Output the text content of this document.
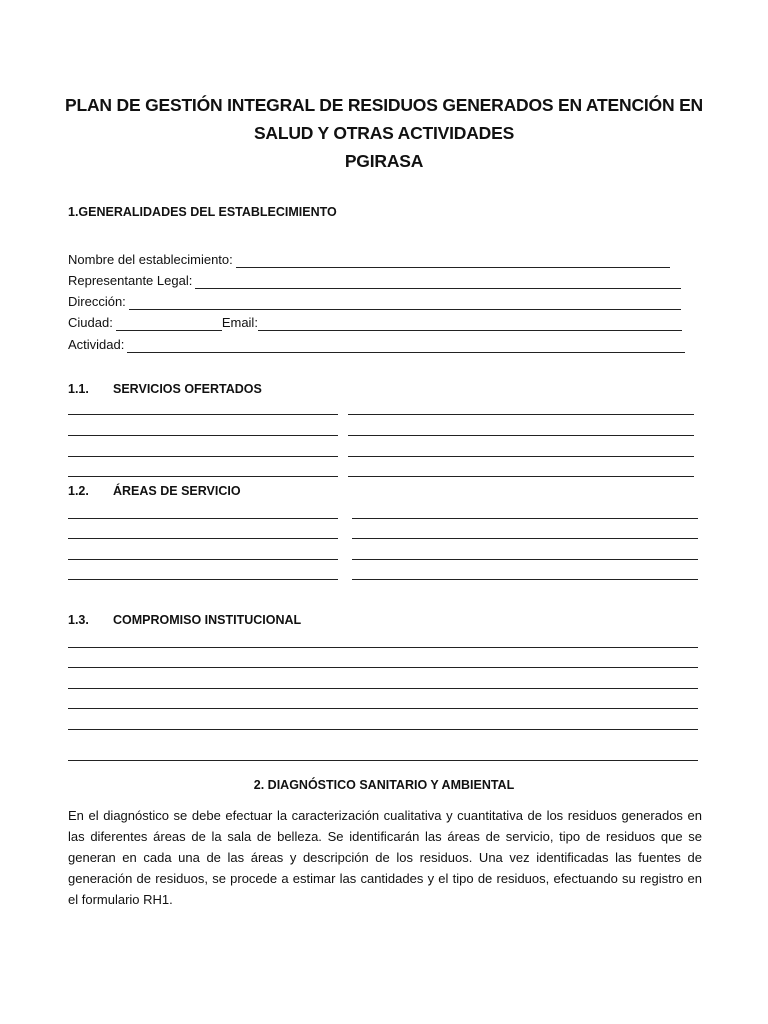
PLAN DE GESTIÓN INTEGRAL DE RESIDUOS GENERADOS EN ATENCIÓN EN
SALUD Y OTRAS ACTIVIDADES
PGIRASA
1.GENERALIDADES DEL ESTABLECIMIENTO
Nombre del establecimiento:
Representante Legal:
Dirección:
Ciudad:	Email:
Actividad:
1.1. SERVICIOS OFERTADOS
1.2. ÁREAS DE SERVICIO
1.3. COMPROMISO INSTITUCIONAL
2. DIAGNÓSTICO SANITARIO Y AMBIENTAL
En el diagnóstico se debe efectuar la caracterización cualitativa y cuantitativa de los residuos generados en las diferentes áreas de la sala de belleza. Se identificarán las áreas de servicio, tipo de residuos que se generan en cada una de las áreas y descripción de los residuos. Una vez identificadas las fuentes de generación de residuos, se procede a estimar las cantidades y el tipo de residuos, efectuando su registro en el formulario RH1.
